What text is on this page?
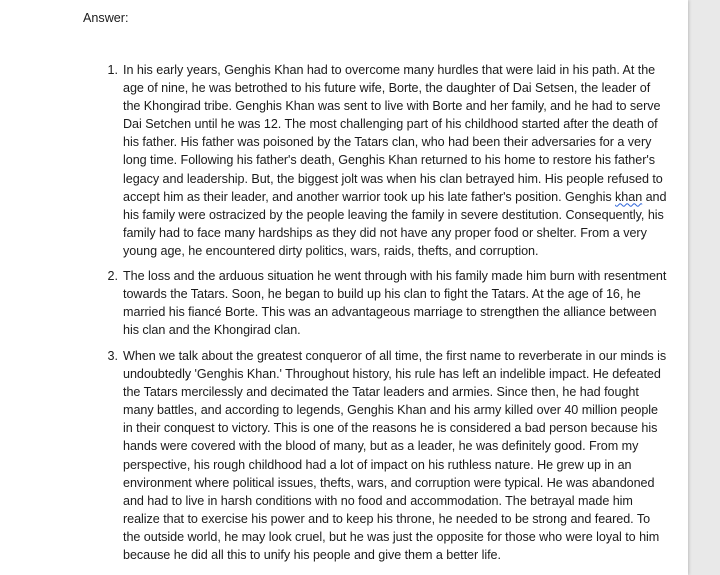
Answer:
1. In his early years, Genghis Khan had to overcome many hurdles that were laid in his path. At the age of nine, he was betrothed to his future wife, Borte, the daughter of Dai Setsen, the leader of the Khongirad tribe. Genghis Khan was sent to live with Borte and her family, and he had to serve Dai Setchen until he was 12. The most challenging part of his childhood started after the death of his father. His father was poisoned by the Tatars clan, who had been their adversaries for a very long time. Following his father's death, Genghis Khan returned to his home to restore his father's legacy and leadership. But, the biggest jolt was when his clan betrayed him. His people refused to accept him as their leader, and another warrior took up his late father's position. Genghis khan and his family were ostracized by the people leaving the family in severe destitution. Consequently, his family had to face many hardships as they did not have any proper food or shelter. From a very young age, he encountered dirty politics, wars, raids, thefts, and corruption.
2. The loss and the arduous situation he went through with his family made him burn with resentment towards the Tatars. Soon, he began to build up his clan to fight the Tatars. At the age of 16, he married his fiancé Borte. This was an advantageous marriage to strengthen the alliance between his clan and the Khongirad clan.
3. When we talk about the greatest conqueror of all time, the first name to reverberate in our minds is undoubtedly 'Genghis Khan.' Throughout history, his rule has left an indelible impact. He defeated the Tatars mercilessly and decimated the Tatar leaders and armies. Since then, he had fought many battles, and according to legends, Genghis Khan and his army killed over 40 million people in their conquest to victory. This is one of the reasons he is considered a bad person because his hands were covered with the blood of many, but as a leader, he was definitely good. From my perspective, his rough childhood had a lot of impact on his ruthless nature. He grew up in an environment where political issues, thefts, wars, and corruption were typical. He was abandoned and had to live in harsh conditions with no food and accommodation. The betrayal made him realize that to exercise his power and to keep his throne, he needed to be strong and feared. To the outside world, he may look cruel, but he was just the opposite for those who were loyal to him because he did all this to unify his people and give them a better life.
